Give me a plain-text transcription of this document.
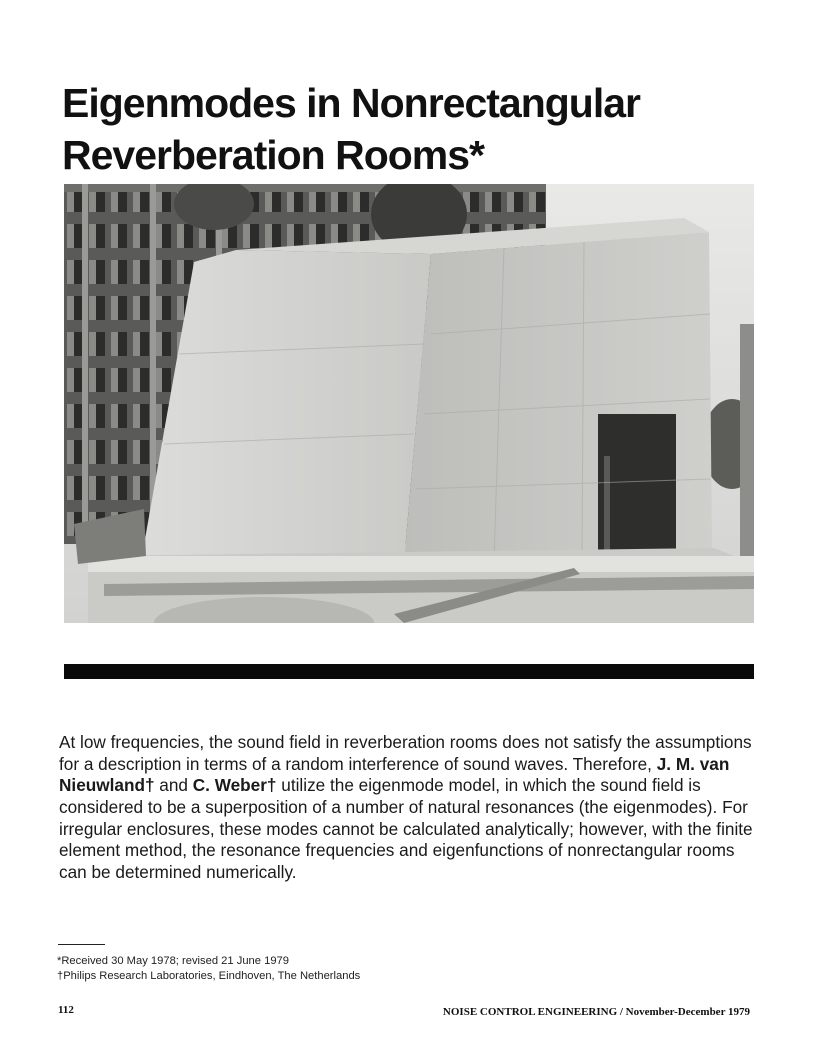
Eigenmodes in Nonrectangular
Reverberation Rooms*

At low frequencies, the sound field in reverberation rooms does not satisfy the assumptions for a description in terms of a random interference of sound waves. Therefore, J. M. van Nieuwland† and C. Weber† utilize the eigenmode model, in which the sound field is considered to be a superposition of a number of natural resonances (the eigenmodes). For irregular enclosures, these modes cannot be calculated analytically; however, with the finite element method, the resonance frequencies and eigenfunctions of nonrectangular rooms can be determined numerically.

*Received 30 May 1978; revised 21 June 1979
†Philips Research Laboratories, Eindhoven, The Netherlands
112	NOISE CONTROL ENGINEERING / November-December 1979
